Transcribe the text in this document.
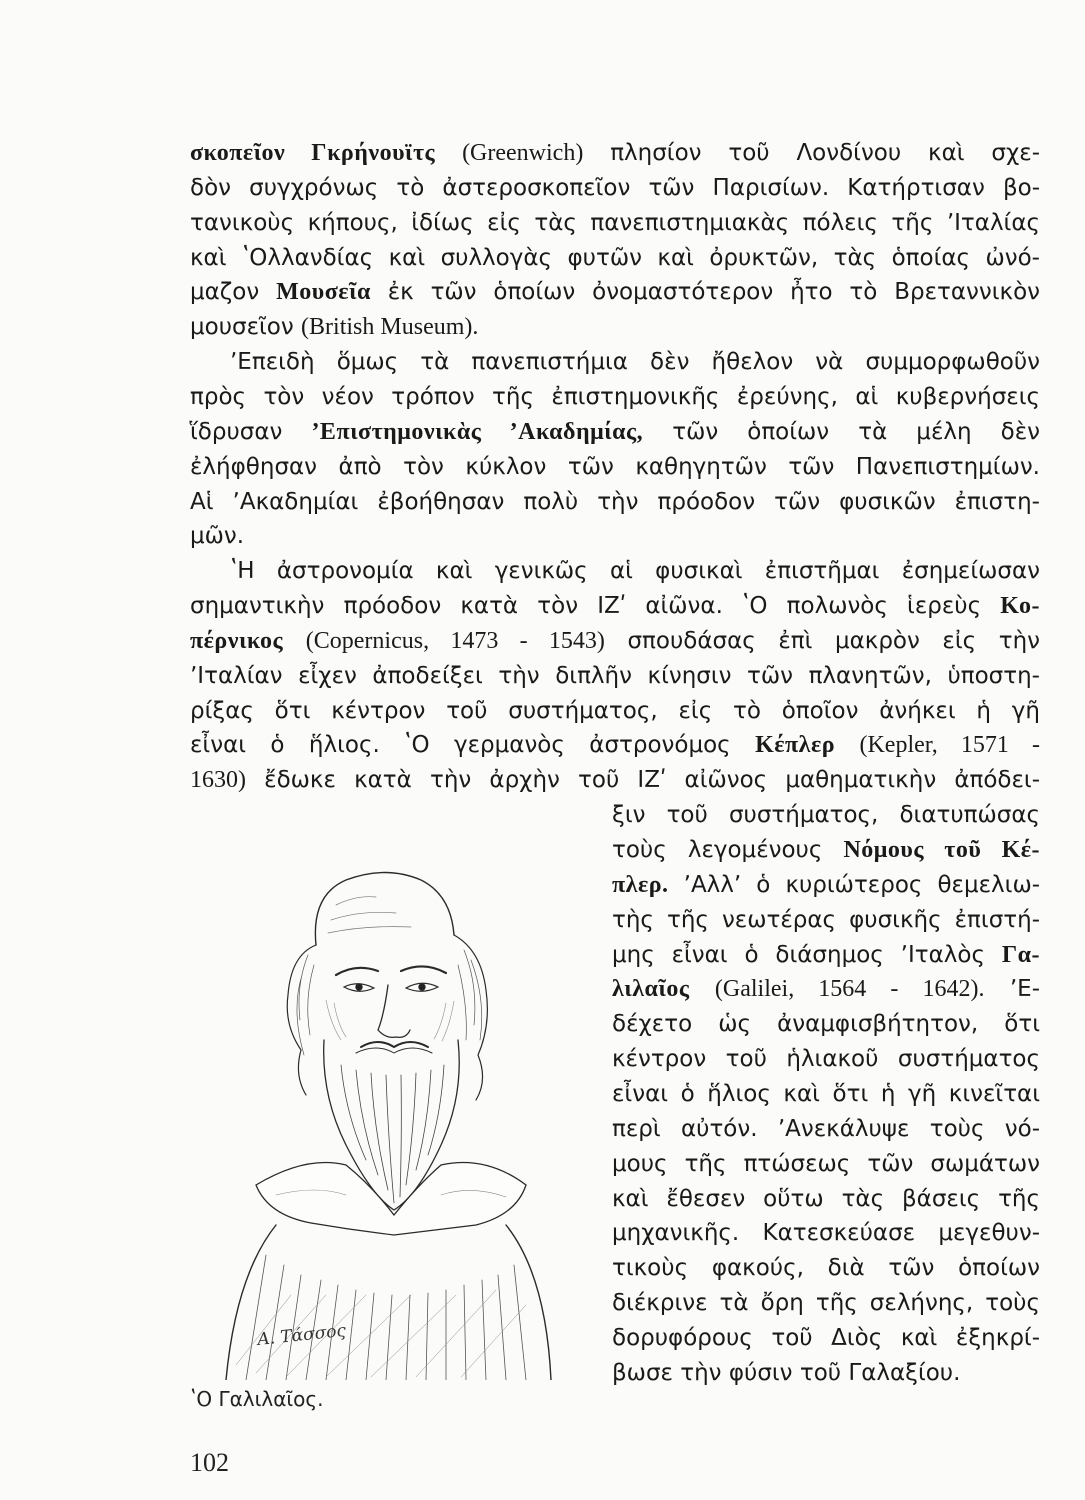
σκοπεῖον Γκρήνουϊτς (Greenwich) πλησίον τοῦ Λονδίνου καὶ σχε-
δὸν συγχρόνως τὸ ἀστεροσκοπεῖον τῶν Παρισίων. Κατήρτισαν βο-
τανικοὺς κήπους, ἰδίως εἰς τὰς πανεπιστημιακὰς πόλεις τῆς ʼΙταλίας
καὶ ʽΟλλανδίας καὶ συλλογὰς φυτῶν καὶ ὀρυκτῶν, τὰς ὁποίας ὠνό-
μαζον Μουσεῖα ἐκ τῶν ὁποίων ὀνομαστότερον ἦτο τὸ Βρεταννικὸν
μουσεῖον (British Museum).
ʼΕπειδὴ ὅμως τὰ πανεπιστήμια δὲν ἤθελον νὰ συμμορφωθοῦν
πρὸς τὸν νέον τρόπον τῆς ἐπιστημονικῆς ἐρεύνης, αἱ κυβερνήσεις
ἵδρυσαν ʼΕπιστημονικὰς ʼΑκαδημίας, τῶν ὁποίων τὰ μέλη δὲν
ἐλήφθησαν ἀπὸ τὸν κύκλον τῶν καθηγητῶν τῶν Πανεπιστημίων.
Αἱ ʼΑκαδημίαι ἐβοήθησαν πολὺ τὴν πρόοδον τῶν φυσικῶν ἐπιστη-
μῶν.
ʽΗ ἀστρονομία καὶ γενικῶς αἱ φυσικαὶ ἐπιστῆμαι ἐσημείωσαν
σημαντικὴν πρόοδον κατὰ τὸν ΙΖʹ αἰῶνα. ʽΟ πολωνὸς ἱερεὺς Κο-
πέρνικος (Copernicus, 1473 - 1543) σπουδάσας ἐπὶ μακρὸν εἰς τὴν
ʼΙταλίαν εἶχεν ἀποδείξει τὴν διπλῆν κίνησιν τῶν πλανητῶν, ὑποστη-
ρίξας ὅτι κέντρον τοῦ συστήματος, εἰς τὸ ὁποῖον ἀνήκει ἡ γῆ
εἶναι ὁ ἥλιος. ʽΟ γερμανὸς ἀστρονόμος Κέπλερ (Kepler, 1571 -
1630) ἔδωκε κατὰ τὴν ἀρχὴν τοῦ ΙΖʹ αἰῶνος μαθηματικὴν ἀπόδει-
ξιν τοῦ συστήματος, διατυπώσας
τοὺς λεγομένους Νόμους τοῦ Κέ-
πλερ. ʼΑλλʼ ὁ κυριώτερος θεμελιω-
τὴς τῆς νεωτέρας φυσικῆς ἐπιστή-
μης εἶναι ὁ διάσημος ʼΙταλὸς Γα-
λιλαῖος (Galilei, 1564 - 1642). ʼΕ-
δέχετο ὡς ἀναμφισβήτητον, ὅτι
κέντρον τοῦ ἡλιακοῦ συστήματος
εἶναι ὁ ἥλιος καὶ ὅτι ἡ γῆ κινεῖται
περὶ αὐτόν. ʼΑνεκάλυψε τοὺς νό-
μους τῆς πτώσεως τῶν σωμάτων
καὶ ἔθεσεν οὕτω τὰς βάσεις τῆς
μηχανικῆς. Κατεσκεύασε μεγεθυν-
τικοὺς φακούς, διὰ τῶν ὁποίων
διέκρινε τὰ ὄρη τῆς σελήνης, τοὺς
δορυφόρους τοῦ Διὸς καὶ ἐξηκρί-
βωσε τὴν φύσιν τοῦ Γαλαξίου.
Α. Τάσσος
ʽΟ Γαλιλαῖος.
102
